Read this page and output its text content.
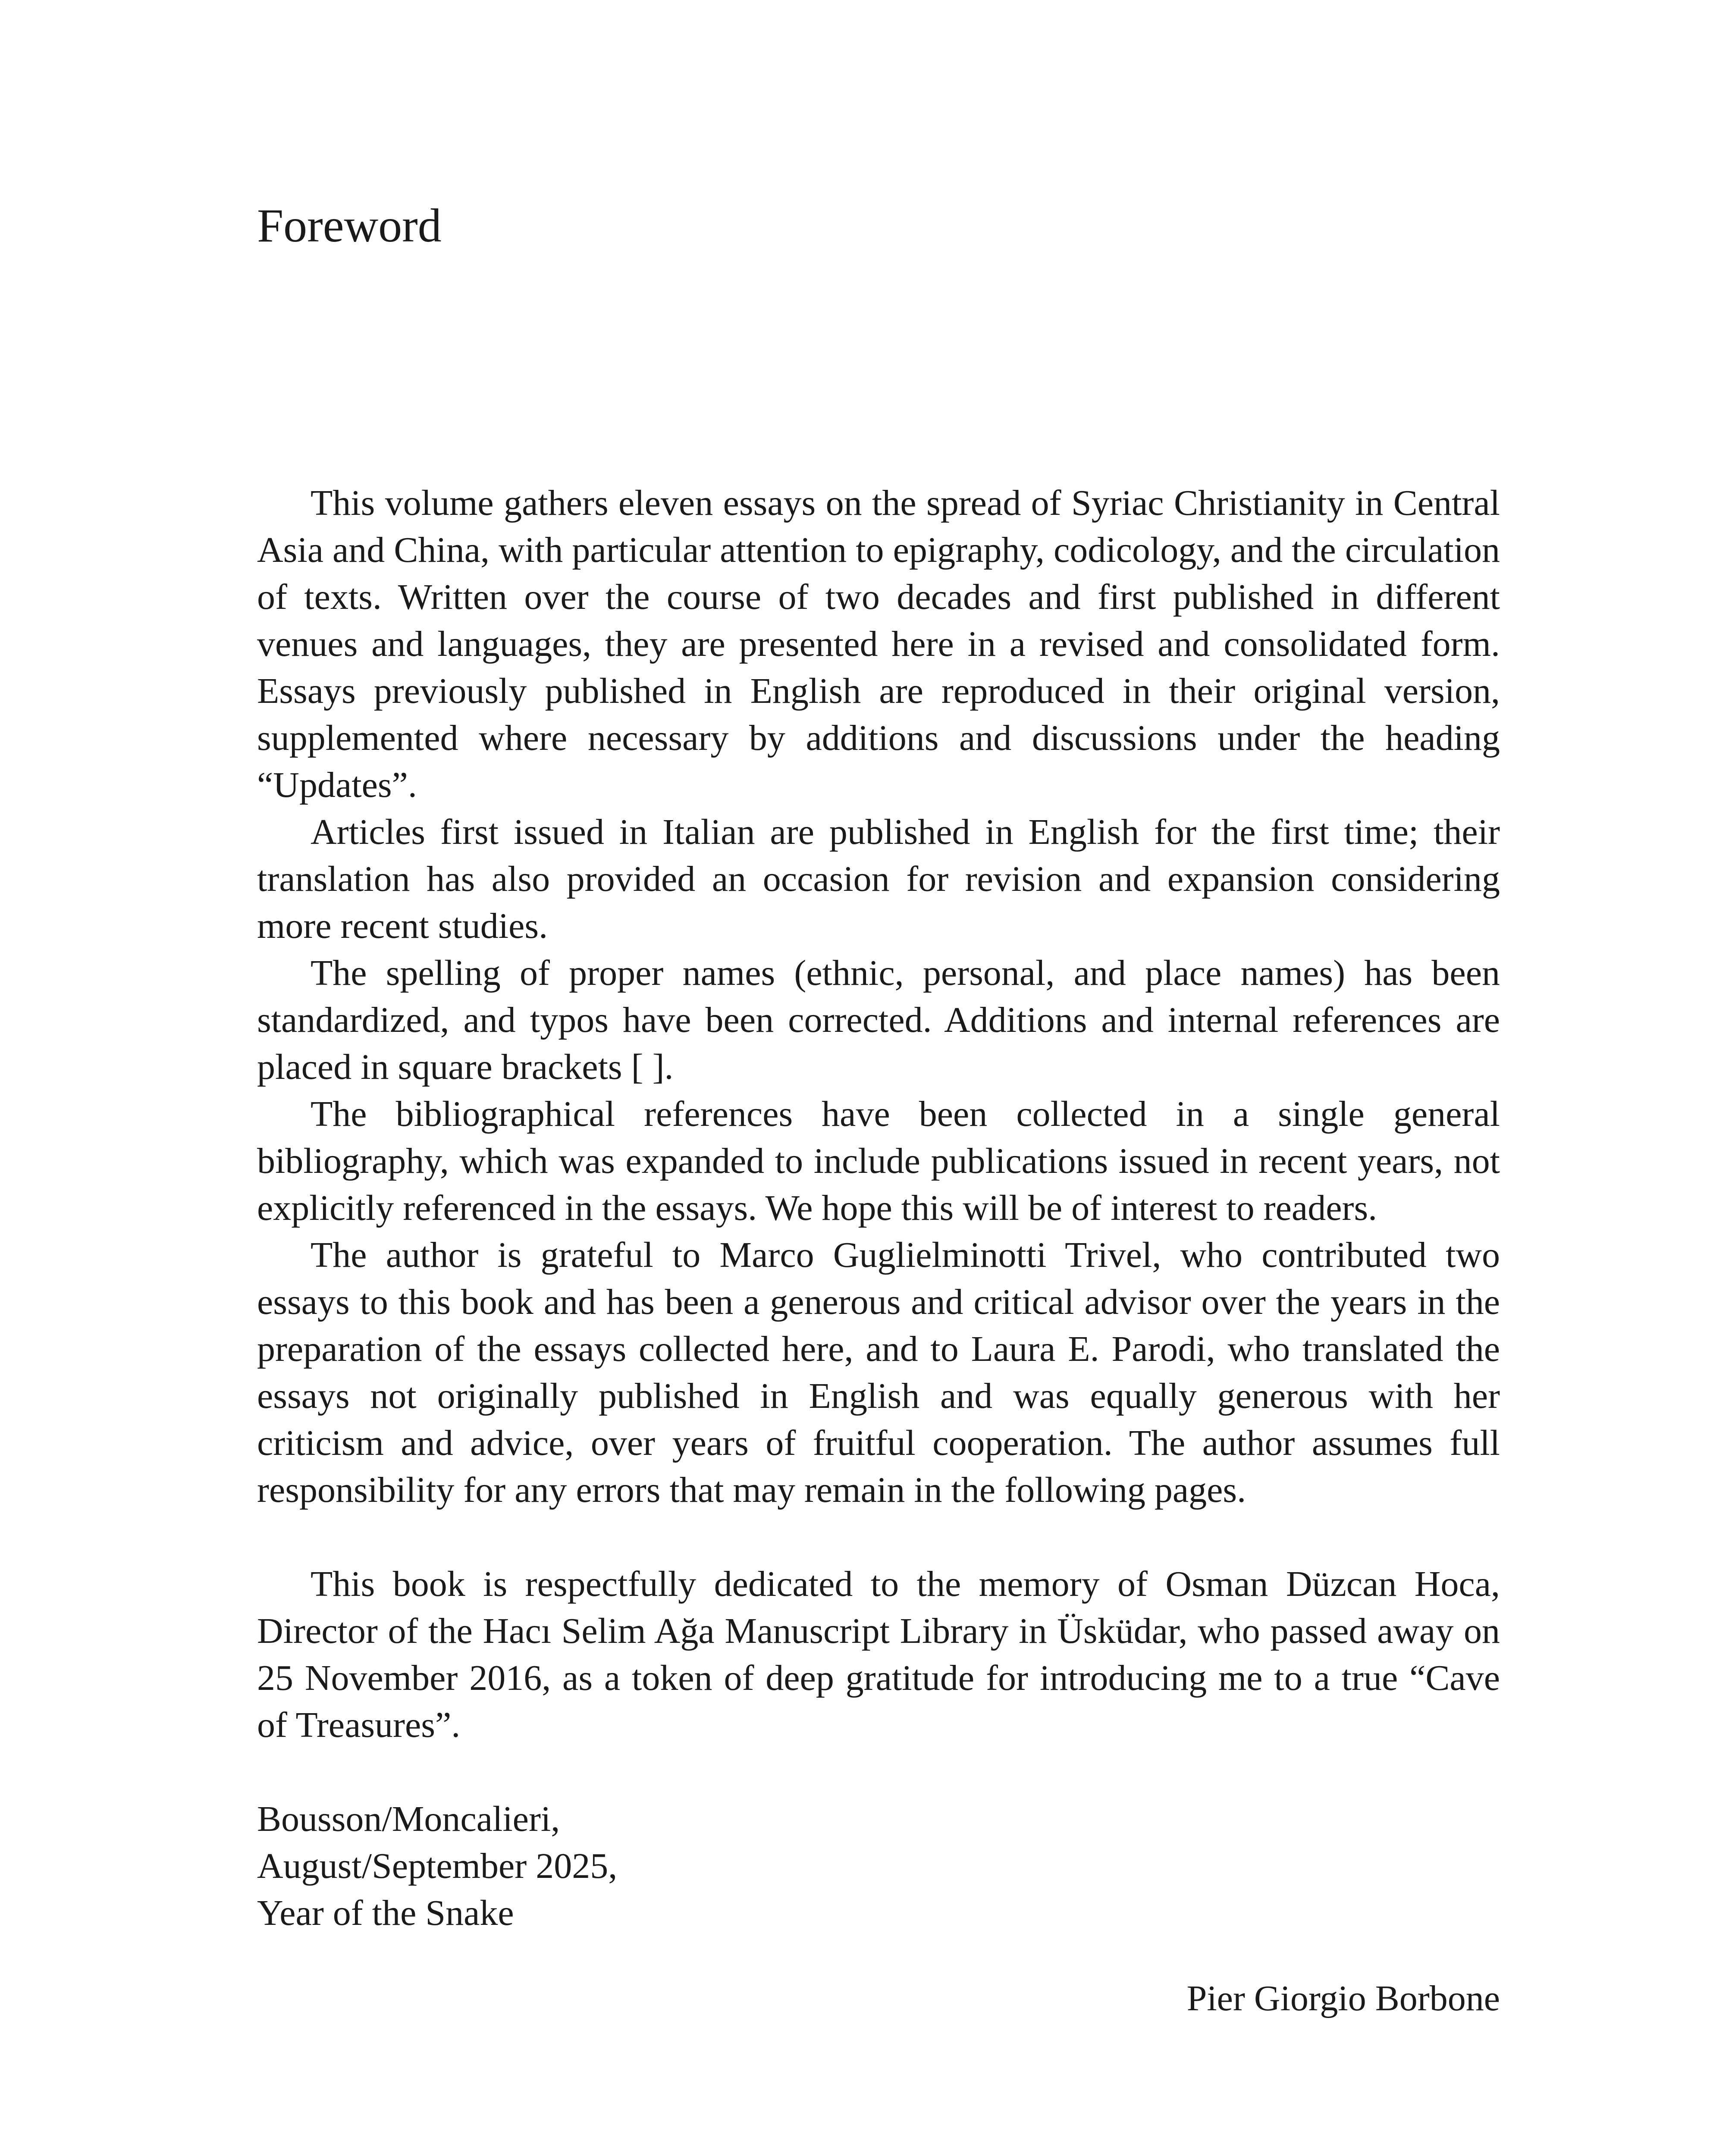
Foreword

This volume gathers eleven essays on the spread of Syriac Christianity in Central Asia and China, with particular attention to epigraphy, codicology, and the circulation of texts. Written over the course of two decades and first published in different venues and languages, they are presented here in a revised and consolidated form. Essays previously published in English are reproduced in their original version, supplemented where necessary by additions and discussions under the heading “Updates”.

Articles first issued in Italian are published in English for the first time; their translation has also provided an occasion for revision and expansion considering more recent studies.

The spelling of proper names (ethnic, personal, and place names) has been standardized, and typos have been corrected. Additions and internal references are placed in square brackets [ ].

The bibliographical references have been collected in a single general bibliography, which was expanded to include publications issued in recent years, not explicitly referenced in the essays. We hope this will be of interest to readers.

The author is grateful to Marco Guglielminotti Trivel, who contributed two essays to this book and has been a generous and critical advisor over the years in the preparation of the essays collected here, and to Laura E. Parodi, who translated the essays not originally published in English and was equally generous with her criticism and advice, over years of fruitful cooperation. The author assumes full responsibility for any errors that may remain in the following pages.

This book is respectfully dedicated to the memory of Osman Düzcan Hoca, Director of the Hacı Selim Ağa Manuscript Library in Üsküdar, who passed away on 25 November 2016, as a token of deep gratitude for introducing me to a true “Cave of Treasures”.

Bousson/Moncalieri,
August/September 2025,
Year of the Snake
Pier Giorgio Borbone
